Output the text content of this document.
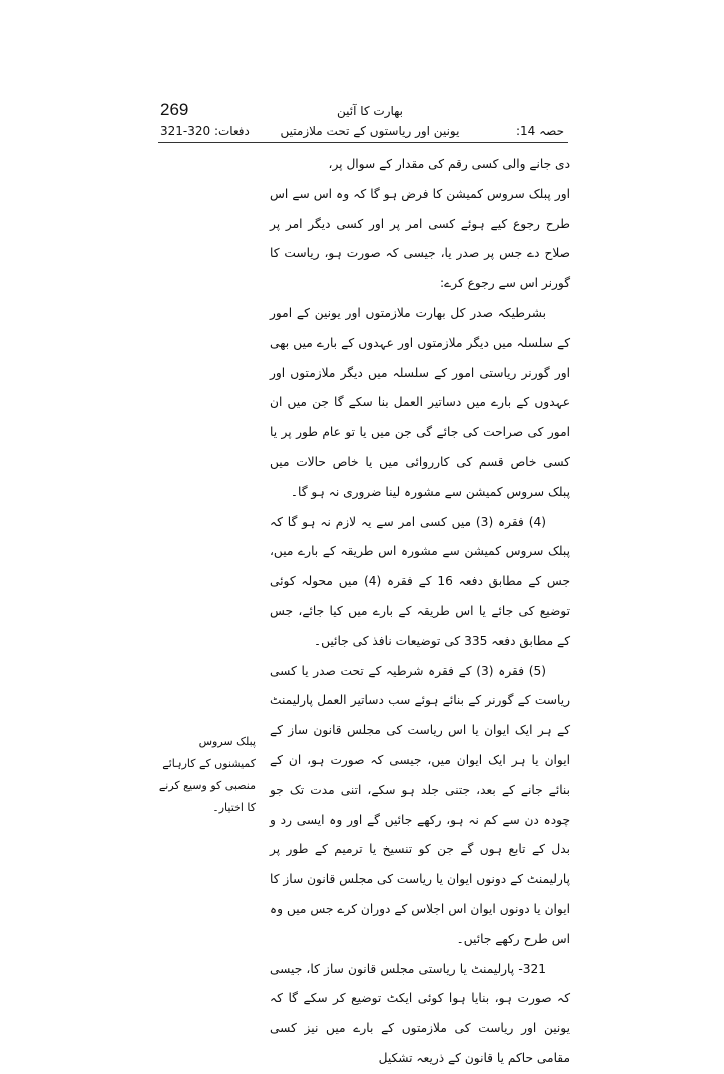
269
دفعات: 320-321
بھارت کا آئین
یونین اور ریاستوں کے تحت ملازمتیں	حصہ 14:

دی جانے والی کسی رقم کی مقدار کے سوال پر،

اور پبلک سروس کمیشن کا فرض ہو گا کہ وہ اس سے اس طرح رجوع کیے ہوئے کسی امر پر اور کسی دیگر امر پر صلاح دے جس پر صدر یا، جیسی کہ صورت ہو، ریاست کا گورنر اس سے رجوع کرے:

بشرطیکہ صدر کل بھارت ملازمتوں اور یونین کے امور کے سلسلہ میں دیگر ملازمتوں اور عہدوں کے بارے میں بھی اور گورنر ریاستی امور کے سلسلہ میں دیگر ملازمتوں اور عہدوں کے بارے میں دساتیر العمل بنا سکے گا جن میں ان امور کی صراحت کی جائے گی جن میں یا تو عام طور پر یا کسی خاص قسم کی کارروائی میں یا خاص حالات میں پبلک سروس کمیشن سے مشورہ لینا ضروری نہ ہو گا۔

(4) فقرہ (3) میں کسی امر سے یہ لازم نہ ہو گا کہ پبلک سروس کمیشن سے مشورہ اس طریقہ کے بارے میں، جس کے مطابق دفعہ 16 کے فقرہ (4) میں محولہ کوئی توضیع کی جائے یا اس طریقہ کے بارے میں کیا جائے، جس کے مطابق دفعہ 335 کی توضیعات نافذ کی جائیں۔

(5) فقرہ (3) کے فقرہ شرطیہ کے تحت صدر یا کسی ریاست کے گورنر کے بنائے ہوئے سب دساتیر العمل پارلیمنٹ کے ہر ایک ایوان یا اس ریاست کی مجلس قانون ساز کے ایوان یا ہر ایک ایوان میں، جیسی کہ صورت ہو، ان کے بنائے جانے کے بعد، جتنی جلد ہو سکے، اتنی مدت تک جو چودہ دن سے کم نہ ہو، رکھے جائیں گے اور وہ ایسی رد و بدل کے تابع ہوں گے جن کو تنسیخ یا ترمیم کے طور پر پارلیمنٹ کے دونوں ایوان یا ریاست کی مجلس قانون ساز کا ایوان یا دونوں ایوان اس اجلاس کے دوران کرے جس میں وہ اس طرح رکھے جائیں۔

321- پارلیمنٹ یا ریاستی مجلس قانون ساز کا، جیسی کہ صورت ہو، بنایا ہوا کوئی ایکٹ توضیع کر سکے گا کہ یونین اور ریاست کی ملازمتوں کے بارے میں نیز کسی مقامی حاکم یا قانون کے ذریعہ تشکیل

پبلک سروس کمیشنوں کے کارہائے منصبی کو وسیع کرنے کا اختیار۔
